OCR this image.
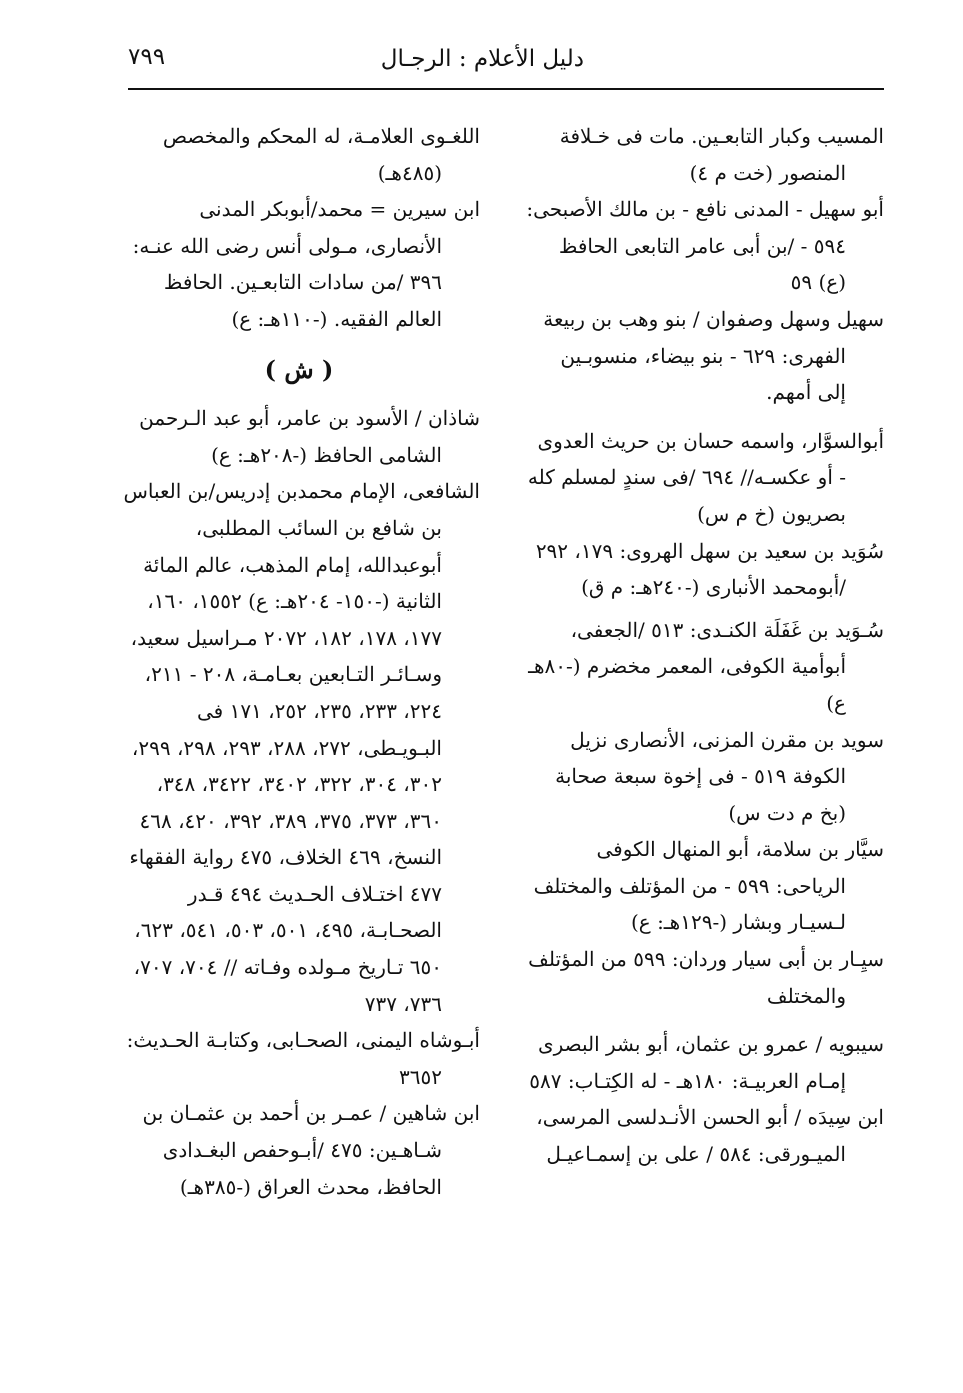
دليل الأعلام : الرجـال
٧٩٩
المسيب وكبار التابعـين. مات فى خـلافة المنصور (خت م ٤)
أبو سهيل - المدنى نافع - بن مالك الأصبحى: ٥٩٤ - /بن أبى عامر التابعى الحافظ (ع) ٥٩
سهيل وسهل وصفوان / بنو وهب بن ربيعة الفهرى: ٦٢٩ - بنو بيضاء، منسوبـين إلى أمهم.
أبوالسوَّار، واسمه حسان بن حريث العدوى - أو عكسـه// ٦٩٤ /فى سندٍ لمسلم كله بصريون (خ م س)
سُوَيد بن سعيد بن سهل الهروى: ١٧٩، ٢٩٢ /أبومحمد الأنبارى (-٢٤٠هـ: م ق)
سُـوَيد بن غَفَلَة الكنـدى: ٥١٣ /الجعفى، أبوأمية الكوفى، المعمر مخضرم (-٨٠هـ ع)
سويد بن مقرن المزنى، الأنصارى نزيل الكوفة ٥١٩ - فى إخوة سبعة صحابة (بخ م دت س)
سيَّار بن سلامة، أبو المنهال الكوفى الرياحى: ٥٩٩ - من المؤتلف والمختلف لـسيـار وبشار (-١٢٩هـ: ع)
سيِـار بن أبى سيار وردان: ٥٩٩ من المؤتلف والمختلف
سيبويه / عمرو بن عثمان، أبو بشر البصرى إمـام العربيـة: ١٨٠هـ - له الكِتـاب: ٥٨٧
ابن سِيدَه / أبو الحسن الأنـدلسى المرسى، الميـورقى: ٥٨٤ / على بن إسمـاعيـل
اللغـوى العلامـة، له المحكم والمخصص (٤٨٥هـ)
ابن سيرين = محمد/أبوبكر المدنى الأنصارى، مـولى أنس رضى الله عنـه: ٣٩٦ /من سادات التابعـين. الحافظ العالم الفقيه. (-١١٠هـ: ع)
( ش )
شاذان / الأسود بن عامر، أبو عبد الـرحمن الشامى الحافظ (-٢٠٨هـ: ع)
الشافعى، الإمام محمدبن إدريس/بن العباس بن شافع بن السائب المطلبى، أبوعبدالله، إمام المذهب، عالم المائة الثانية (-١٥٠- ٢٠٤هـ: ع) ١٥٥٢، ١٦٠، ١٧٧، ١٧٨، ١٨٢، ٢٠٧٢ مـراسيل سعيد، وسـائـر التـابعين بعـامـة، ٢٠٨ - ٢١١، ٢٢٤، ٢٣٣، ٢٣٥، ٢٥٢، ١٧١ فى البـويـطى، ٢٧٢، ٢٨٨، ٢٩٣، ٢٩٨، ٢٩٩، ٣٠٢، ٣٠٤، ٣٢٢، ٣٤٠٢، ٣٤٢٢، ٣٤٨، ٣٦٠، ٣٧٣، ٣٧٥، ٣٨٩، ٣٩٢، ٤٢٠، ٤٦٨ النسخ، ٤٦٩ الخلاف، ٤٧٥ رواية الفقهاء ٤٧٧ اختـلاف الحـديث ٤٩٤ قـدر الصحـابـة، ٤٩٥، ٥٠١، ٥٠٣، ٥٤١، ٦٢٣، ٦٥٠ تـاريخ مـولده وفـاته // ٧٠٤، ٧٠٧، ٧٣٦، ٧٣٧
أبـوشاه اليمنى، الصحـابى، وكتابـة الحـديث: ٣٦٥٢
ابن شاهين / عمـر بن أحمد بن عثمـان بن شـاهـين: ٤٧٥ /أبـوحفص البغـدادى الحافظ، محدث العراق (-٣٨٥هـ)
